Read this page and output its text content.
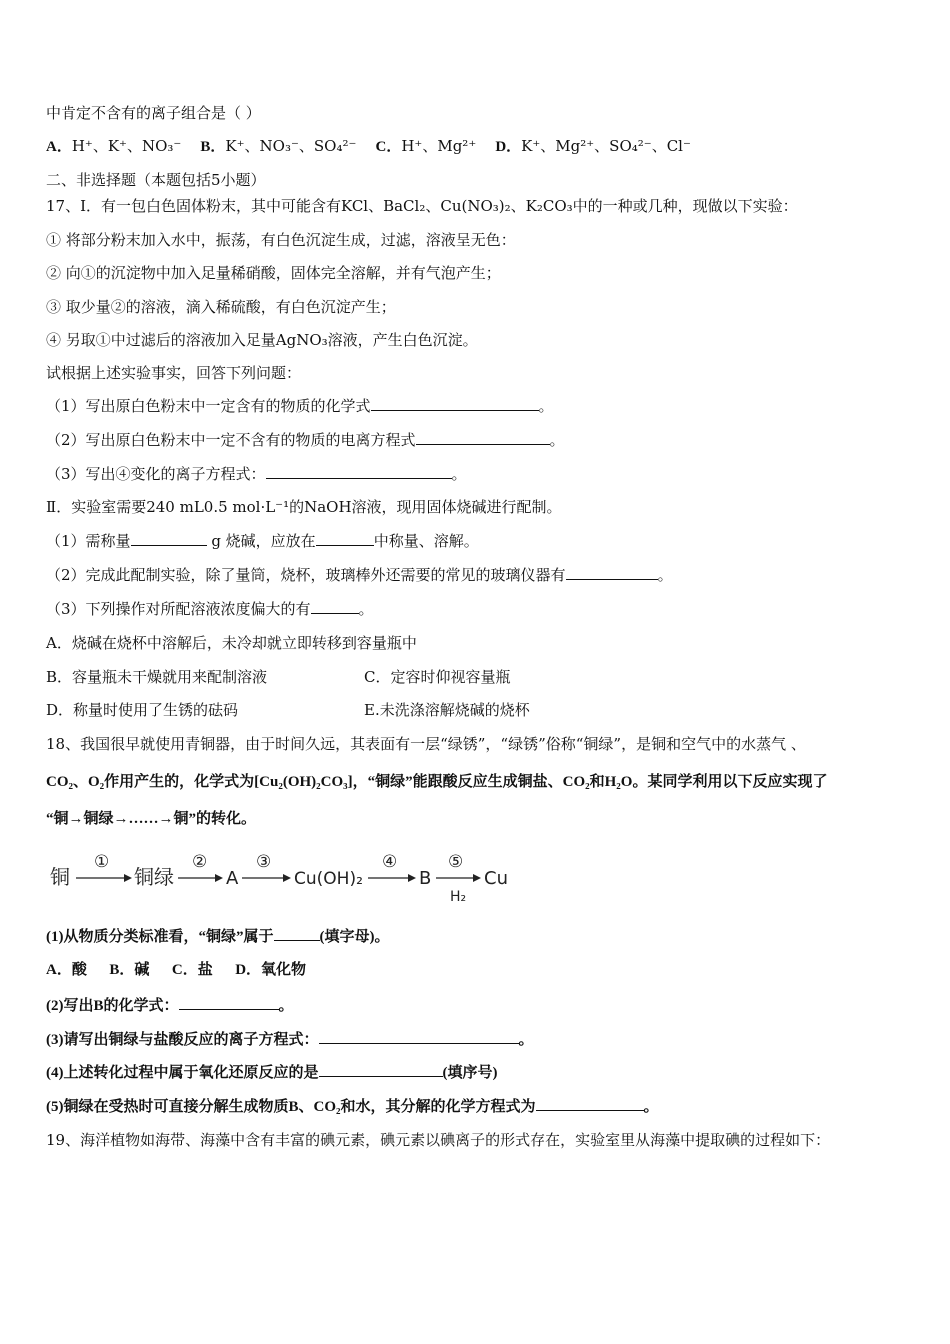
中肯定不含有的离子组合是（ ）
A．H⁺、K⁺、NO₃⁻ B．K⁺、NO₃⁻、SO₄²⁻ C．H⁺、Mg²⁺ D．K⁺、Mg²⁺、SO₄²⁻、Cl⁻
二、非选择题（本题包括5小题）
17、Ⅰ．有一包白色固体粉末，其中可能含有KCl、BaCl₂、Cu(NO₃)₂、K₂CO₃中的一种或几种，现做以下实验：
① 将部分粉末加入水中，振荡，有白色沉淀生成，过滤，溶液呈无色：
② 向①的沉淀物中加入足量稀硝酸，固体完全溶解，并有气泡产生；
③ 取少量②的溶液，滴入稀硫酸，有白色沉淀产生；
④ 另取①中过滤后的溶液加入足量AgNO₃溶液，产生白色沉淀。
试根据上述实验事实，回答下列问题：
（1）写出原白色粉末中一定含有的物质的化学式	。
（2）写出原白色粉末中一定不含有的物质的电离方程式	。
（3）写出④变化的离子方程式：	。
Ⅱ．实验室需要240 mL0.5 mol·L⁻¹的NaOH溶液，现用固体烧碱进行配制。
（1）需称量	g 烧碱，应放在	中称量、溶解。
（2）完成此配制实验，除了量筒，烧杯，玻璃棒外还需要的常见的玻璃仪器有	。
（3）下列操作对所配溶液浓度偏大的有	。
A．烧碱在烧杯中溶解后，未冷却就立即转移到容量瓶中
B．容量瓶未干燥就用来配制溶液	C．定容时仰视容量瓶
D．称量时使用了生锈的砝码	E.未洗涤溶解烧碱的烧杯
18、我国很早就使用青铜器，由于时间久远，其表面有一层“绿锈”，“绿锈”俗称“铜绿”，是铜和空气中的水蒸气 、
CO₂、O₂作用产生的，化学式为[Cu₂(OH)₂CO₃]，“铜绿”能跟酸反应生成铜盐、CO₂和H₂O。某同学利用以下反应实现了
“铜→铜绿→……→铜”的转化。
铜
①
铜绿
②
A
③
Cu(OH)₂
④
B
⑤
H₂
Cu
(1)从物质分类标准看，“铜绿”属于	(填字母)。
A．酸 B．碱 C．盐 D．氧化物
(2)写出B的化学式：	。
(3)请写出铜绿与盐酸反应的离子方程式：	。
(4)上述转化过程中属于氧化还原反应的是	(填序号)
(5)铜绿在受热时可直接分解生成物质B、CO₂和水，其分解的化学方程式为	。
19、海洋植物如海带、海藻中含有丰富的碘元素，碘元素以碘离子的形式存在，实验室里从海藻中提取碘的过程如下：
